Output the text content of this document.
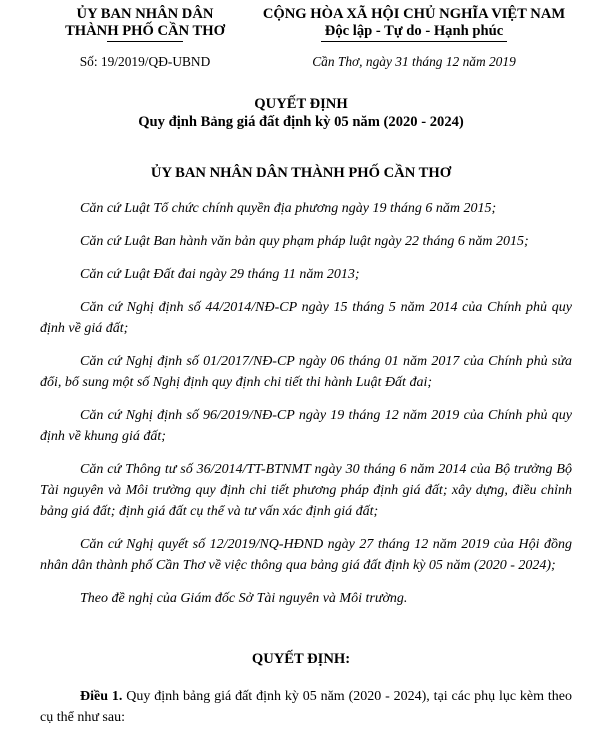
ỦY BAN NHÂN DÂN
THÀNH PHỐ CẦN THƠ
Số: 19/2019/QĐ-UBND
CỘNG HÒA XÃ HỘI CHỦ NGHĨA VIỆT NAM
Độc lập - Tự do - Hạnh phúc
Cần Thơ, ngày 31 tháng 12 năm 2019
QUYẾT ĐỊNH
Quy định Bảng giá đất định kỳ 05 năm (2020 - 2024)
ỦY BAN NHÂN DÂN THÀNH PHỐ CẦN THƠ

Căn cứ Luật Tổ chức chính quyền địa phương ngày 19 tháng 6 năm 2015;

Căn cứ Luật Ban hành văn bản quy phạm pháp luật ngày 22 tháng 6 năm 2015;

Căn cứ Luật Đất đai ngày 29 tháng 11 năm 2013;

Căn cứ Nghị định số 44/2014/NĐ-CP ngày 15 tháng 5 năm 2014 của Chính phủ quy định về giá đất;

Căn cứ Nghị định số 01/2017/NĐ-CP ngày 06 tháng 01 năm 2017 của Chính phủ sửa đổi, bổ sung một số Nghị định quy định chi tiết thi hành Luật Đất đai;

Căn cứ Nghị định số 96/2019/NĐ-CP ngày 19 tháng 12 năm 2019 của Chính phủ quy định về khung giá đất;

Căn cứ Thông tư số 36/2014/TT-BTNMT ngày 30 tháng 6 năm 2014 của Bộ trưởng Bộ Tài nguyên và Môi trường quy định chi tiết phương pháp định giá đất; xây dựng, điều chỉnh bảng giá đất; định giá đất cụ thể và tư vấn xác định giá đất;

Căn cứ Nghị quyết số 12/2019/NQ-HĐND ngày 27 tháng 12 năm 2019 của Hội đồng nhân dân thành phố Cần Thơ về việc thông qua bảng giá đất định kỳ 05 năm (2020 - 2024);

Theo đề nghị của Giám đốc Sở Tài nguyên và Môi trường.

QUYẾT ĐỊNH:

Điều 1. Quy định bảng giá đất định kỳ 05 năm (2020 - 2024), tại các phụ lục kèm theo cụ thể như sau:
